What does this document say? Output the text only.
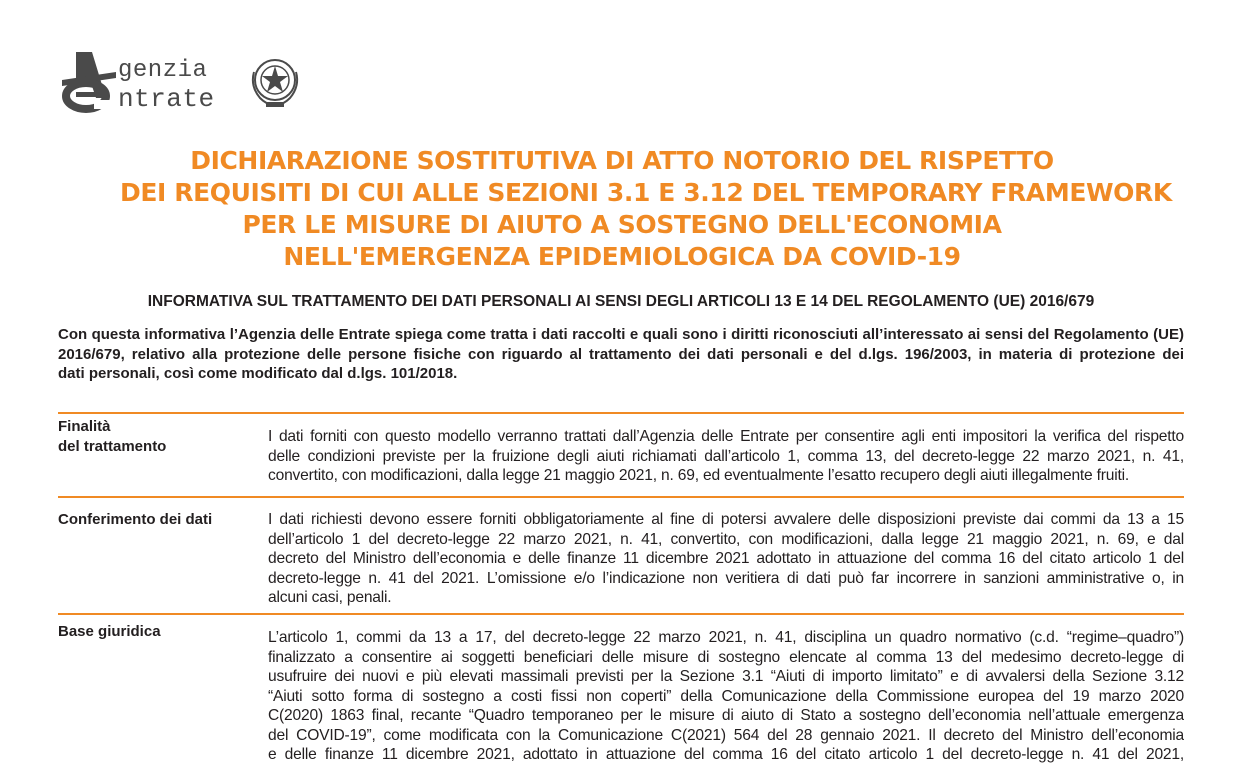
genzia
ntrate
DICHIARAZIONE SOSTITUTIVA DI ATTO NOTORIO DEL RISPETTO
DEI REQUISITI DI CUI ALLE SEZIONI 3.1 E 3.12 DEL TEMPORARY FRAMEWORK
PER LE MISURE DI AIUTO A SOSTEGNO DELL'ECONOMIA
NELL'EMERGENZA EPIDEMIOLOGICA DA COVID-19
INFORMATIVA SUL TRATTAMENTO DEI DATI PERSONALI AI SENSI DEGLI ARTICOLI 13 E 14 DEL REGOLAMENTO (UE) 2016/679
Con questa informativa l’Agenzia delle Entrate spiega come tratta i dati raccolti e quali sono i diritti riconosciuti all’interessato ai sensi del Regolamento (UE)
2016/679, relativo alla protezione delle persone fisiche con riguardo al trattamento dei dati personali e del d.lgs. 196/2003, in materia di protezione dei
dati personali, così come modificato dal d.lgs. 101/2018.
Finalità
del trattamento
I dati forniti con questo modello verranno trattati dall’Agenzia delle Entrate per consentire agli enti impositori la verifica del rispetto
delle condizioni previste per la fruizione degli aiuti richiamati dall’articolo 1, comma 13, del decreto-legge 22 marzo 2021, n. 41,
convertito, con modificazioni, dalla legge 21 maggio 2021, n. 69, ed eventualmente l’esatto recupero degli aiuti illegalmente fruiti.
Conferimento dei dati	I dati richiesti devono essere forniti obbligatoriamente al fine di potersi avvalere delle disposizioni previste dai commi da 13 a 15
dell’articolo 1 del decreto-legge 22 marzo 2021, n. 41, convertito, con modificazioni, dalla legge 21 maggio 2021, n. 69, e dal
decreto del Ministro dell’economia e delle finanze 11 dicembre 2021 adottato in attuazione del comma 16 del citato articolo 1 del
decreto-legge n. 41 del 2021. L’omissione e/o l’indicazione non veritiera di dati può far incorrere in sanzioni amministrative o, in
alcuni casi, penali.
Base giuridica	L’articolo 1, commi da 13 a 17, del decreto-legge 22 marzo 2021, n. 41, disciplina un quadro normativo (c.d. “regime–quadro”)
finalizzato a consentire ai soggetti beneficiari delle misure di sostegno elencate al comma 13 del medesimo decreto-legge di
usufruire dei nuovi e più elevati massimali previsti per la Sezione 3.1 “Aiuti di importo limitato” e di avvalersi della Sezione 3.12
“Aiuti sotto forma di sostegno a costi fissi non coperti” della Comunicazione della Commissione europea del 19 marzo 2020
C(2020) 1863 final, recante “Quadro temporaneo per le misure di aiuto di Stato a sostegno dell’economia nell’attuale emergenza
del COVID-19”, come modificata con la Comunicazione C(2021) 564 del 28 gennaio 2021. Il decreto del Ministro dell’economia
e delle finanze 11 dicembre 2021, adottato in attuazione del comma 16 del citato articolo 1 del decreto-legge n. 41 del 2021,
